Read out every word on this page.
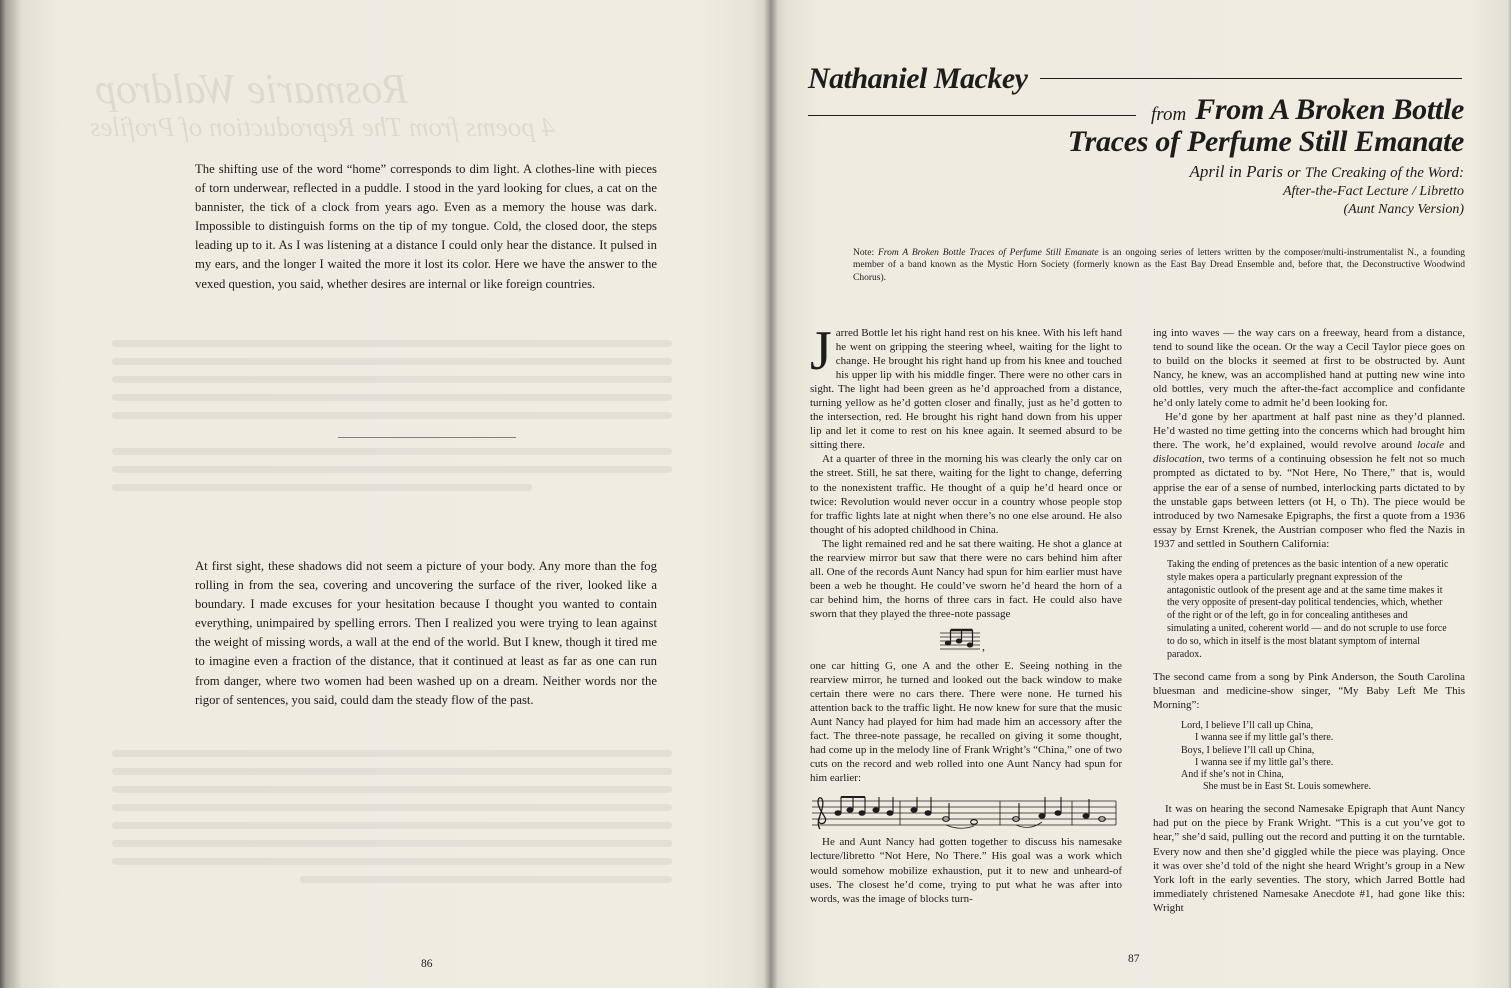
Rosmarie Waldrop
4 poems from The Reproduction of Profiles

The shifting use of the word “home” corresponds to dim light. A clothes-line with pieces of torn underwear, reflected in a puddle. I stood in the yard looking for clues, a cat on the bannister, the tick of a clock from years ago. Even as a memory the house was dark. Impossible to distinguish forms on the tip of my tongue. Cold, the closed door, the steps leading up to it. As I was listening at a distance I could only hear the distance. It pulsed in my ears, and the longer I waited the more it lost its color. Here we have the answer to the vexed question, you said, whether desires are internal or like foreign countries.

At first sight, these shadows did not seem a picture of your body. Any more than the fog rolling in from the sea, covering and uncovering the surface of the river, looked like a boundary. I made excuses for your hesitation because I thought you wanted to contain everything, unimpaired by spelling errors. Then I realized you were trying to lean against the weight of missing words, a wall at the end of the world. But I knew, though it tired me to imagine even a fraction of the distance, that it continued at least as far as one can run from danger, where two women had been washed up on a dream. Neither words nor the rigor of sentences, you said, could dam the steady flow of the past.

86
Nathaniel Mackey
from From A Broken Bottle
Traces of Perfume Still Emanate

April in Paris or The Creaking of the Word:

After-the-Fact Lecture / Libretto

(Aunt Nancy Version)

Note: From A Broken Bottle Traces of Perfume Still Emanate is an ongoing series of letters written by the composer/multi-instrumentalist N., a founding member of a band known as the Mystic Horn Society (formerly known as the East Bay Dread Ensemble and, before that, the Deconstructive Woodwind Chorus).

Jarred Bottle let his right hand rest on his knee. With his left hand he went on gripping the steering wheel, waiting for the light to change. He brought his right hand up from his knee and touched his upper lip with his middle finger. There were no other cars in sight. The light had been green as he’d approached from a distance, turning yellow as he’d gotten closer and finally, just as he’d gotten to the intersection, red. He brought his right hand down from his upper lip and let it come to rest on his knee again. It seemed absurd to be sitting there.

At a quarter of three in the morning his was clearly the only car on the street. Still, he sat there, waiting for the light to change, deferring to the nonexistent traffic. He thought of a quip he’d heard once or twice: Revolution would never occur in a country whose people stop for traffic lights late at night when there’s no one else around. He also thought of his adopted childhood in China.

The light remained red and he sat there waiting. He shot a glance at the rearview mirror but saw that there were no cars behind him after all. One of the records Aunt Nancy had spun for him earlier must have been a web he thought. He could’ve sworn he’d heard the horn of a car behind him, the horns of three cars in fact. He could also have sworn that they played the three-note passage

,

one car hitting G, one A and the other E. Seeing nothing in the rearview mirror, he turned and looked out the back window to make certain there were no cars there. There were none. He turned his attention back to the traffic light. He now knew for sure that the music Aunt Nancy had played for him had made him an accessory after the fact. The three-note passage, he recalled on giving it some thought, had come up in the melody line of Frank Wright’s “China,” one of two cuts on the record and web rolled into one Aunt Nancy had spun for him earlier:

He and Aunt Nancy had gotten together to discuss his namesake lecture/libretto “Not Here, No There.” His goal was a work which would somehow mobilize exhaustion, put it to new and unheard-of uses. The closest he’d come, trying to put what he was after into words, was the image of blocks turn-

ing into waves — the way cars on a freeway, heard from a distance, tend to sound like the ocean. Or the way a Cecil Taylor piece goes on to build on the blocks it seemed at first to be obstructed by. Aunt Nancy, he knew, was an accomplished hand at putting new wine into old bottles, very much the after-the-fact accomplice and confidante he’d only lately come to admit he’d been looking for.

He’d gone by her apartment at half past nine as they’d planned. He’d wasted no time getting into the concerns which had brought him there. The work, he’d explained, would revolve around locale and dislocation, two terms of a continuing obsession he felt not so much prompted as dictated to by. “Not Here, No There,” that is, would apprise the ear of a sense of numbed, interlocking parts dictated to by the unstable gaps between letters (ot H, o Th). The piece would be introduced by two Namesake Epigraphs, the first a quote from a 1936 essay by Ernst Krenek, the Austrian composer who fled the Nazis in 1937 and settled in Southern California:

Taking the ending of pretences as the basic intention of a new operatic style makes opera a particularly pregnant expression of the antagonistic outlook of the present age and at the same time makes it the very opposite of present-day political tendencies, which, whether of the right or of the left, go in for concealing antitheses and simulating a united, coherent world — and do not scruple to use force to do so, which in itself is the most blatant symptom of internal paradox.

The second came from a song by Pink Anderson, the South Carolina bluesman and medicine-show singer, “My Baby Left Me This Morning”:

Lord, I believe I’ll call up China,
I wanna see if my little gal’s there.
Boys, I believe I’ll call up China,
I wanna see if my little gal’s there.
And if she’s not in China,
She must be in East St. Louis somewhere.

It was on hearing the second Namesake Epigraph that Aunt Nancy had put on the piece by Frank Wright. “This is a cut you’ve got to hear,” she’d said, pulling out the record and putting it on the turntable. Every now and then she’d giggled while the piece was playing. Once it was over she’d told of the night she heard Wright’s group in a New York loft in the early seventies. The story, which Jarred Bottle had immediately christened Namesake Anecdote #1, had gone like this: Wright

87
